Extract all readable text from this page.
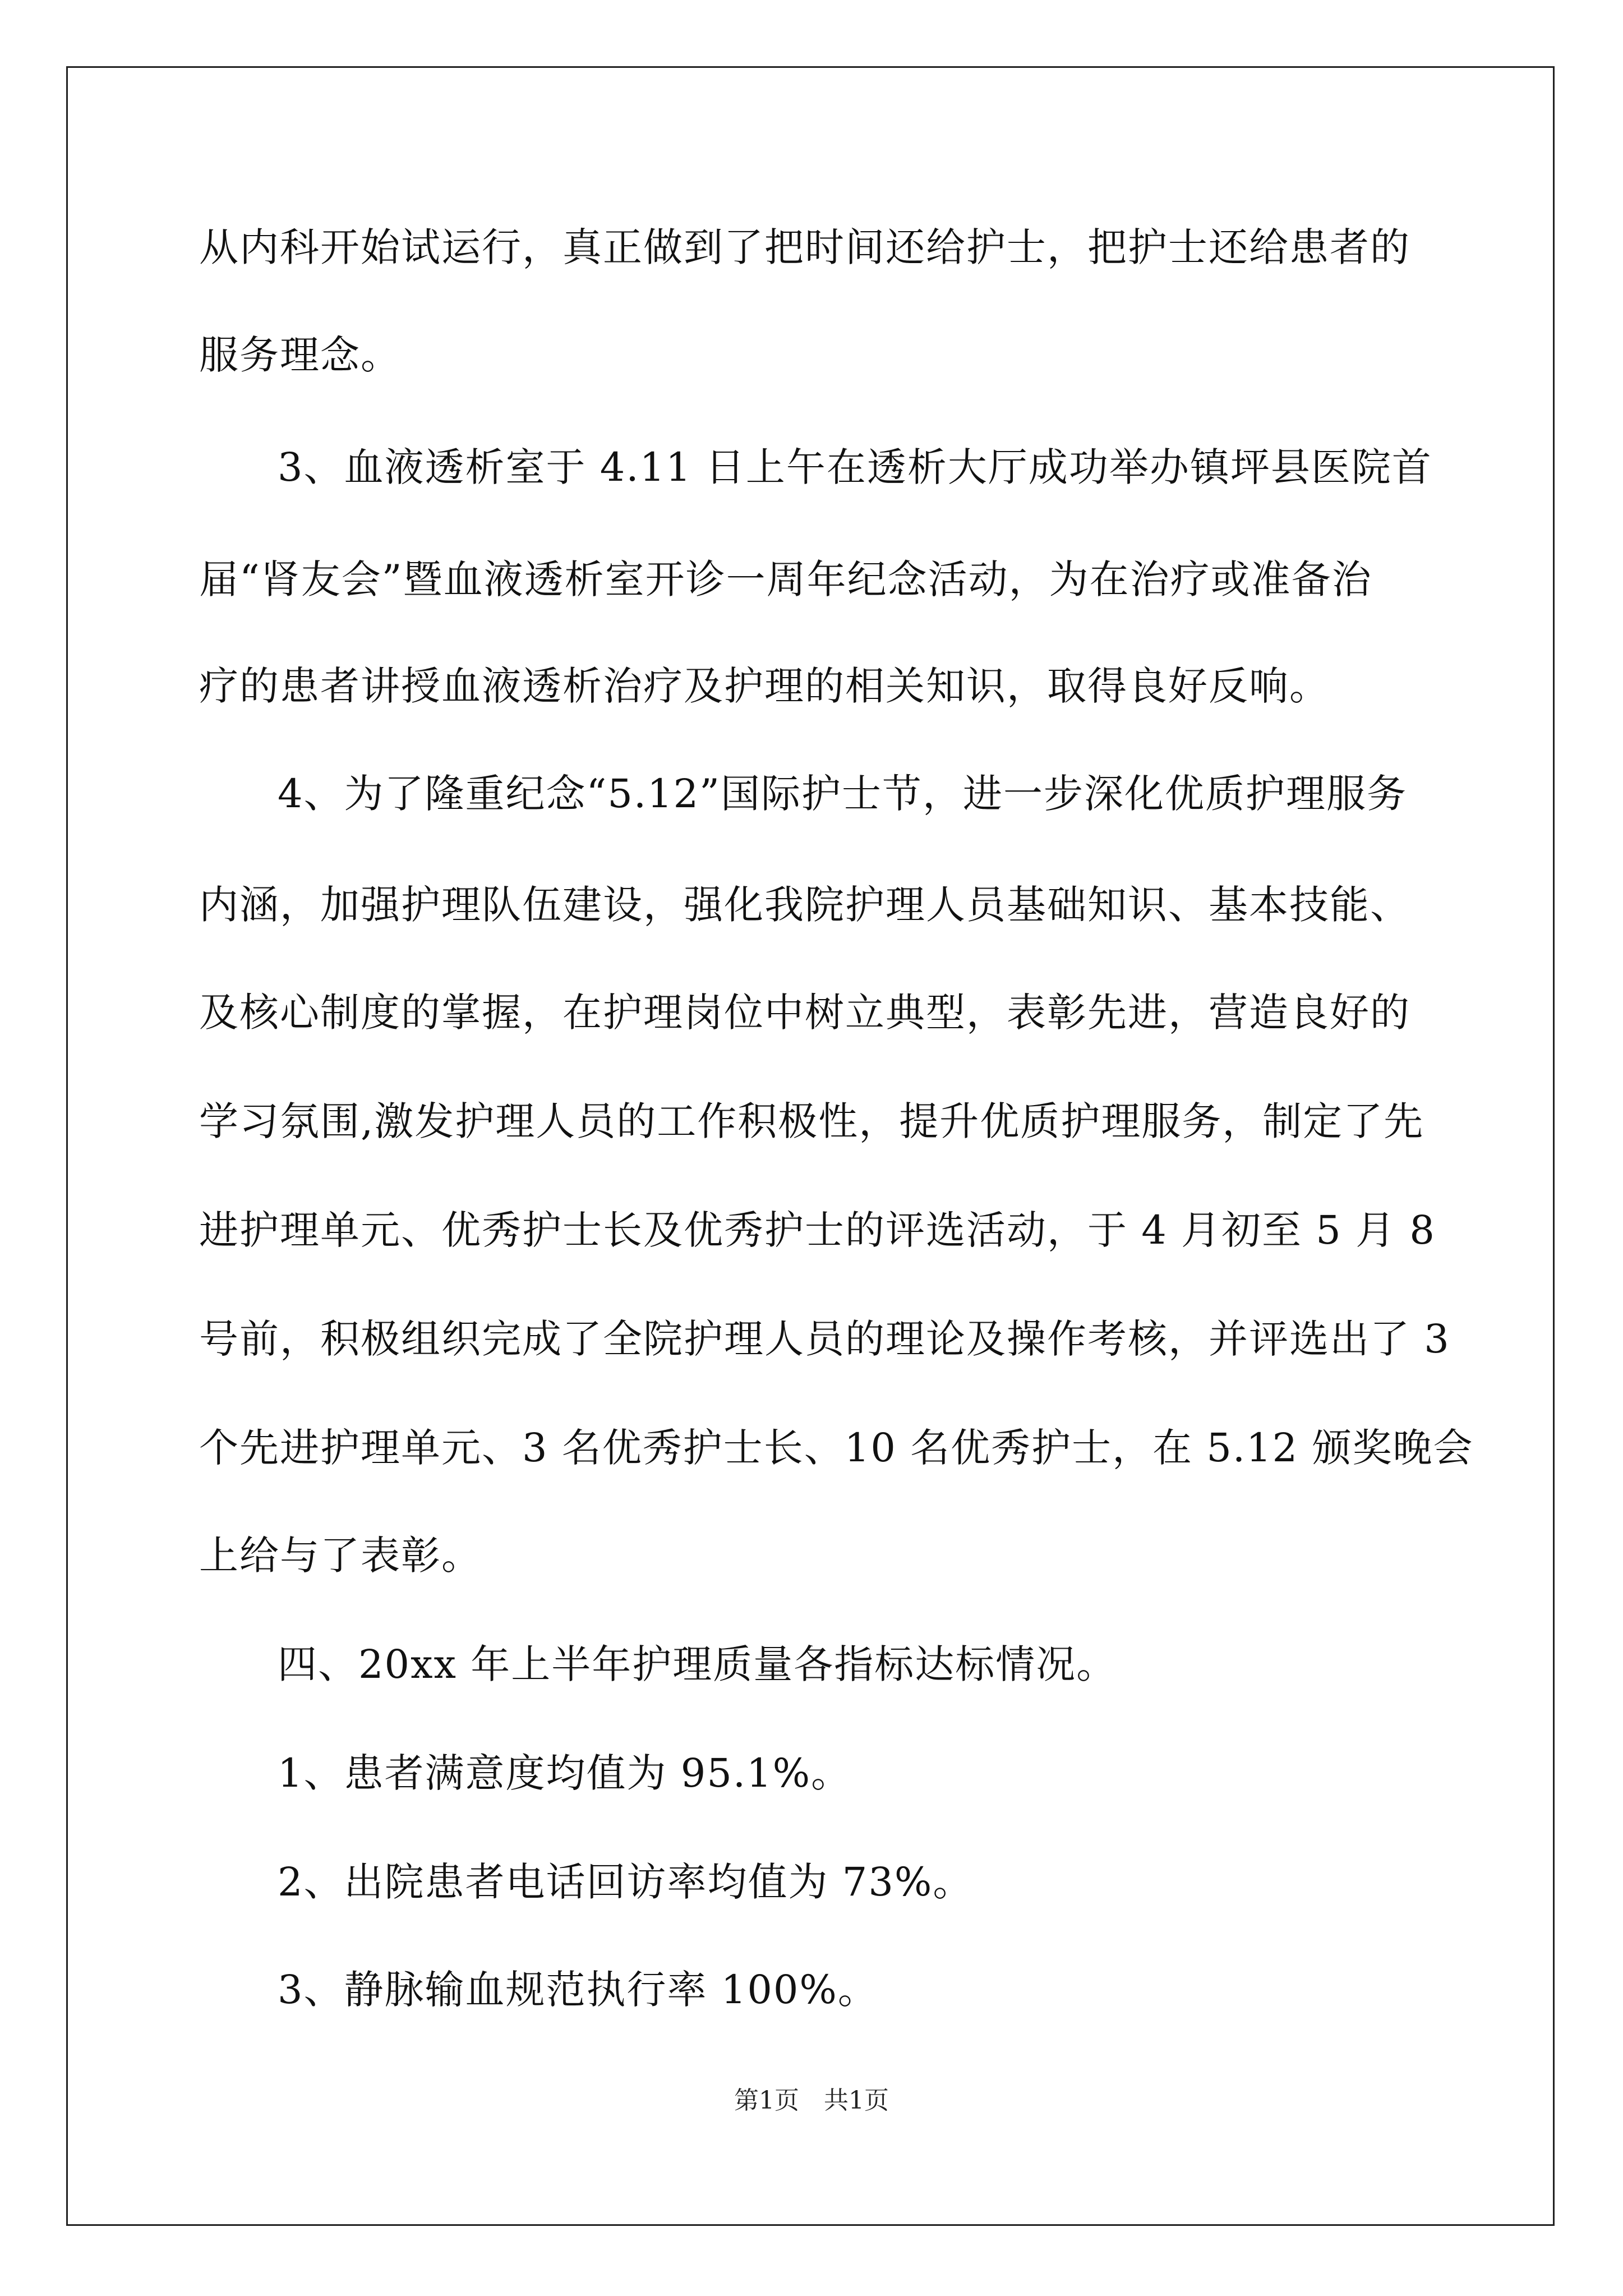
从内科开始试运行，真正做到了把时间还给护士，把护士还给患者的
服务理念。
3、血液透析室于 4.11 日上午在透析大厅成功举办镇坪县医院首
届“肾友会”暨血液透析室开诊一周年纪念活动，为在治疗或准备治
疗的患者讲授血液透析治疗及护理的相关知识，取得良好反响。
4、为了隆重纪念“5.12”国际护士节，进一步深化优质护理服务
内涵，加强护理队伍建设，强化我院护理人员基础知识、基本技能、
及核心制度的掌握，在护理岗位中树立典型，表彰先进，营造良好的
学习氛围,激发护理人员的工作积极性，提升优质护理服务，制定了先
进护理单元、优秀护士长及优秀护士的评选活动，于 4 月初至 5 月 8
号前，积极组织完成了全院护理人员的理论及操作考核，并评选出了 3
个先进护理单元、3 名优秀护士长、10 名优秀护士，在 5.12 颁奖晚会
上给与了表彰。
四、20xx 年上半年护理质量各指标达标情况。
1、患者满意度均值为 95.1%。
2、出院患者电话回访率均值为 73%。
3、静脉输血规范执行率 100%。
第1页　共1页
